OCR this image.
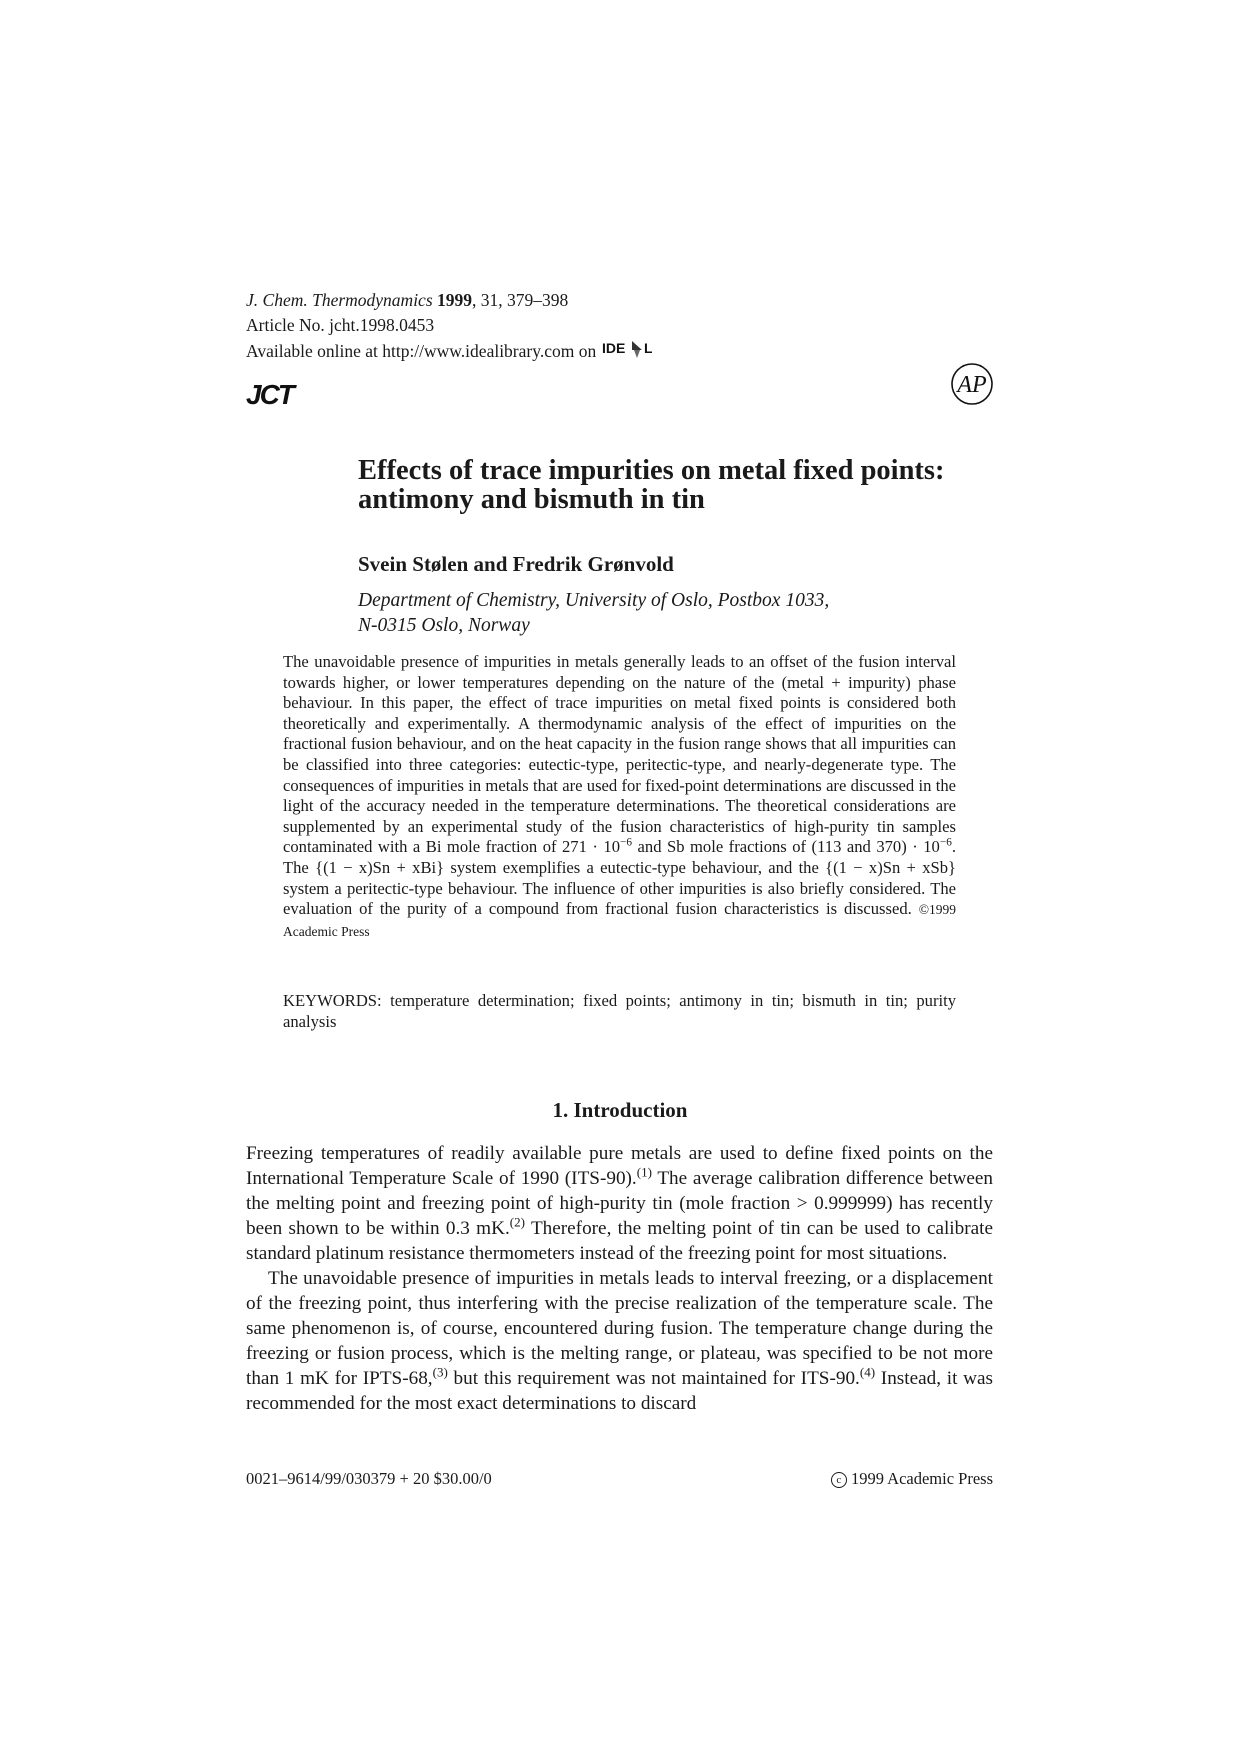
J. Chem. Thermodynamics 1999, 31, 379–398
Article No. jcht.1998.0453
Available online at http://www.idealibrary.com on IDE L
JCT	AP
Effects of trace impurities on metal fixed points:
antimony and bismuth in tin
Svein Stølen and Fredrik Grønvold
Department of Chemistry, University of Oslo, Postbox 1033,
N-0315 Oslo, Norway
The unavoidable presence of impurities in metals generally leads to an offset of the fusion interval towards higher, or lower temperatures depending on the nature of the (metal + impurity) phase behaviour. In this paper, the effect of trace impurities on metal fixed points is considered both theoretically and experimentally. A thermodynamic analysis of the effect of impurities on the fractional fusion behaviour, and on the heat capacity in the fusion range shows that all impurities can be classified into three categories: eutectic-type, peritectic-type, and nearly-degenerate type. The consequences of impurities in metals that are used for fixed-point determinations are discussed in the light of the accuracy needed in the temperature determinations. The theoretical considerations are supplemented by an experimental study of the fusion characteristics of high-purity tin samples contaminated with a Bi mole fraction of $271 \cdot 10^{-6}$ and Sb mole fractions of (113 and $370) \cdot 10^{-6}$. The {(1 − x)Sn + xBi} system exemplifies a eutectic-type behaviour, and the {(1 − x)Sn + xSb} system a peritectic-type behaviour. The influence of other impurities is also briefly considered. The evaluation of the purity of a compound from fractional fusion characteristics is discussed. ©1999 Academic Press
KEYWORDS: temperature determination; fixed points; antimony in tin; bismuth in tin; purity analysis
1. Introduction

Freezing temperatures of readily available pure metals are used to define fixed points on the International Temperature Scale of 1990 (ITS-90).$^{(1)}$ The average calibration difference between the melting point and freezing point of high-purity tin (mole fraction > 0.999999) has recently been shown to be within 0.3 mK.$^{(2)}$ Therefore, the melting point of tin can be used to calibrate standard platinum resistance thermometers instead of the freezing point for most situations.

The unavoidable presence of impurities in metals leads to interval freezing, or a displacement of the freezing point, thus interfering with the precise realization of the temperature scale. The same phenomenon is, of course, encountered during fusion. The temperature change during the freezing or fusion process, which is the melting range, or plateau, was specified to be not more than 1 mK for IPTS-68,$^{(3)}$ but this requirement was not maintained for ITS-90.$^{(4)}$ Instead, it was recommended for the most exact determinations to discard

0021–9614/99/030379 + 20 $30.00/0	c 1999 Academic Press
